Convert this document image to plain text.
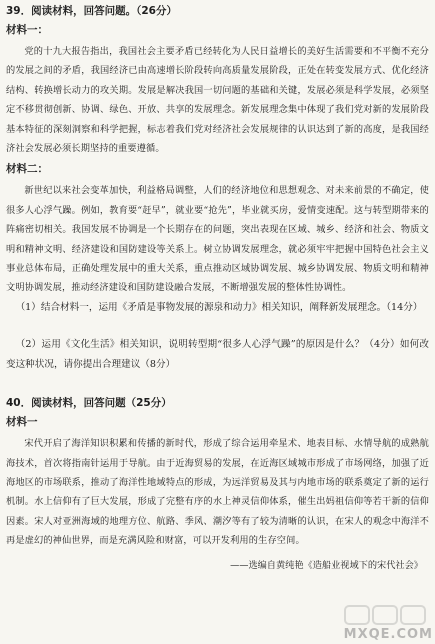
39．阅读材料，回答问题。（26分）
材料一：

党的十九大报告指出，我国社会主要矛盾已经转化为人民日益增长的美好生活需要和不平衡不充分的发展之间的矛盾，我国经济已由高速增长阶段转向高质量发展阶段，正处在转变发展方式、优化经济结构、转换增长动力的攻关期。发展是解决我国一切问题的基础和关键，发展必须是科学发展，必须坚定不移贯彻创新、协调、绿色、开放、共享的发展理念。新发展理念集中体现了我们党对新的发展阶段基本特征的深刻洞察和科学把握，标志着我们党对经济社会发展规律的认识达到了新的高度，是我国经济社会发展必须长期坚持的重要遵循。

材料二：

新世纪以来社会变革加快，利益格局调整，人们的经济地位和思想观念、对未来前景的不确定，使很多人心浮气躁。例如，教育要“赶早”，就业要“抢先”，毕业就买房，爱情变速配。这与转型期带来的阵痛密切相关。我国发展不协调是一个长期存在的问题，突出表现在区域、城乡、经济和社会、物质文明和精神文明、经济建设和国防建设等关系上。树立协调发展理念，就必须牢牢把握中国特色社会主义事业总体布局，正确处理发展中的重大关系，重点推动区域协调发展、城乡协调发展、物质文明和精神文明协调发展，推动经济建设和国防建设融合发展，不断增强发展的整体性协调性。

（1）结合材料一，运用《矛盾是事物发展的源泉和动力》相关知识，阐释新发展理念。（14分）

（2）运用《文化生活》相关知识，说明转型期“很多人心浮气躁”的原因是什么？（4分）如何改变这种状况，请你提出合理建议（8分）

40．阅读材料，回答问题（25分）
材料一

宋代开启了海洋知识积累和传播的新时代，形成了综合运用牵星术、地表目标、水情导航的成熟航海技术，首次将指南针运用于导航。由于近海贸易的发展，在近海区域城市形成了市场网络，加强了近海地区的市场联系，推动了海洋性地域特点的形成，为远洋贸易及其与内地市场的联系奠定了新的运行机制。水上信仰有了巨大发展，形成了完整有序的水上神灵信仰体系，催生出妈祖信仰等若干新的信仰因素。宋人对亚洲海域的地理方位、航路、季风、潮汐等有了较为清晰的认识，在宋人的观念中海洋不再是虚幻的神仙世界，而是充满风险和财富，可以开发利用的生存空间。

——选编自黄纯艳《造船业视域下的宋代社会》
MXQE.COM
